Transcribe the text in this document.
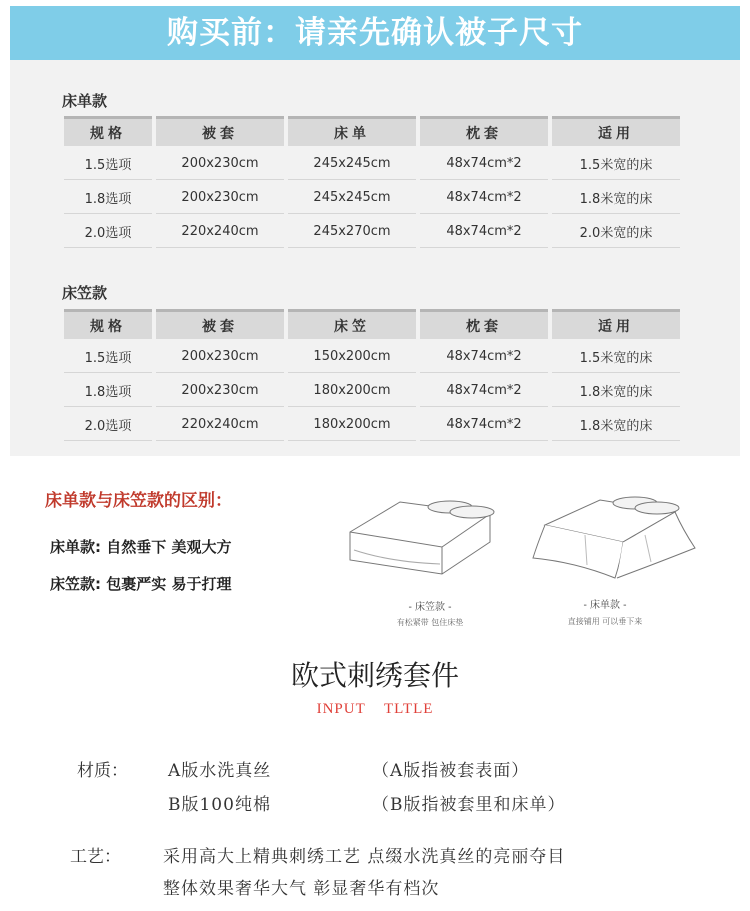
购买前：请亲先确认被子尺寸
床单款
规格	被套	床单	枕套	适用
1.5选项	200x230cm	245x245cm	48x74cm*2	1.5米宽的床
1.8选项	200x230cm	245x245cm	48x74cm*2	1.8米宽的床
2.0选项	220x240cm	245x270cm	48x74cm*2	2.0米宽的床
床笠款
规格	被套	床笠	枕套	适用
1.5选项	200x230cm	150x200cm	48x74cm*2	1.5米宽的床
1.8选项	200x230cm	180x200cm	48x74cm*2	1.8米宽的床
2.0选项	220x240cm	180x200cm	48x74cm*2	1.8米宽的床
床单款与床笠款的区别：
床单款: 自然垂下 美观大方
床笠款: 包裹严实 易于打理
- 床笠款 -
有松紧带 包住床垫
- 床单款 -
直接铺用 可以垂下来
欧式刺绣套件
INPUT TLTLE
材质： A版水洗真丝	（A版指被套表面）
B版100纯棉	（B版指被套里和床单）
工艺： 采用高大上精典刺绣工艺 点缀水洗真丝的亮丽夺目
整体效果奢华大气 彰显奢华有档次
